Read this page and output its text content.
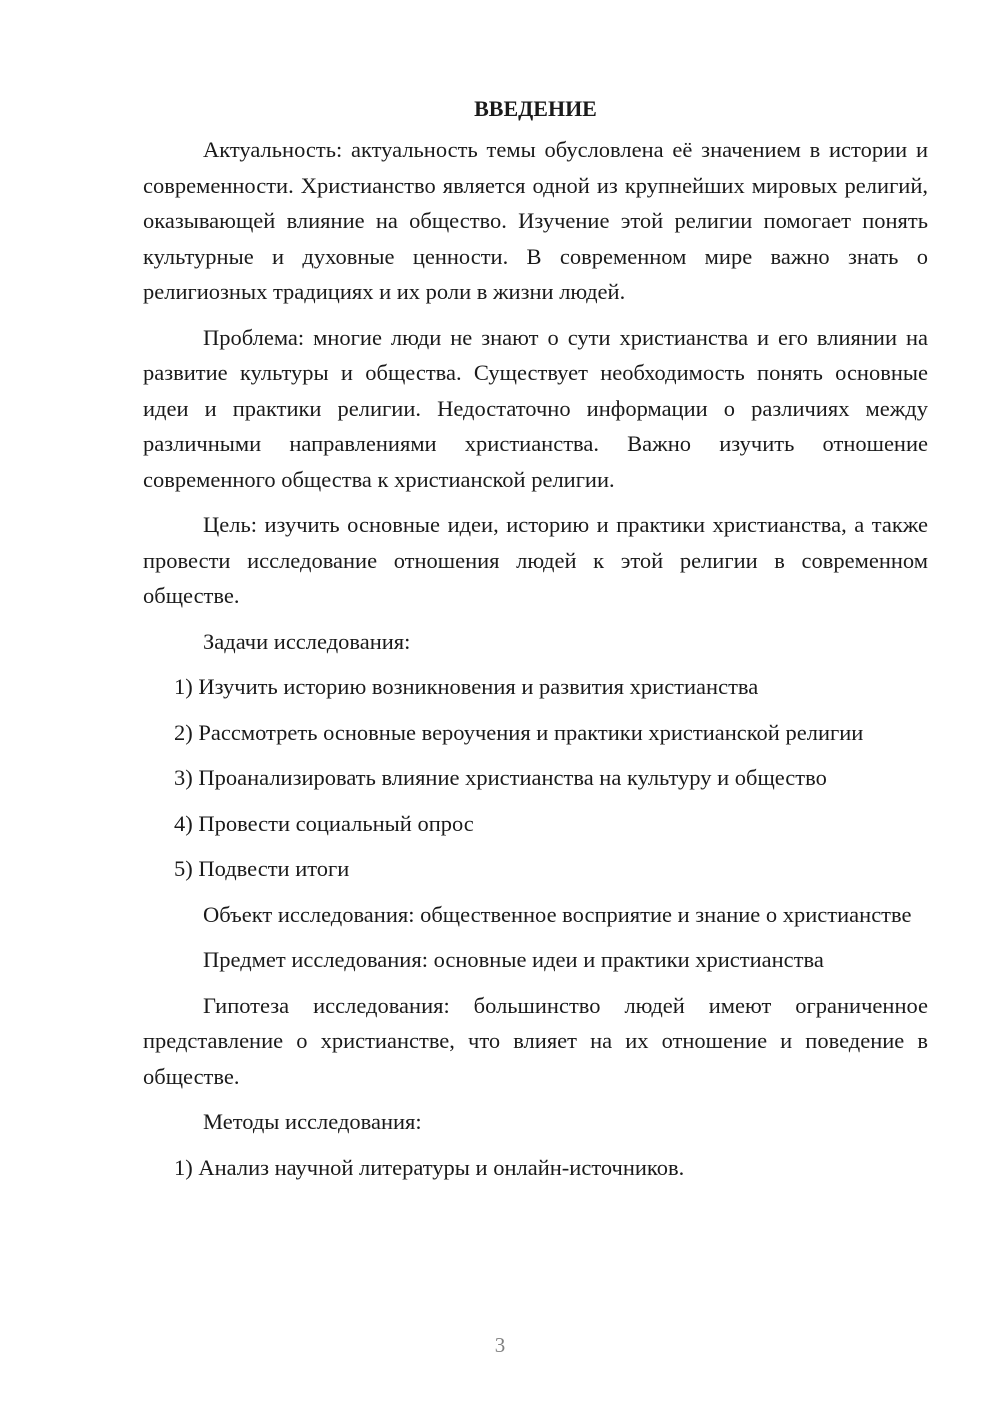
ВВЕДЕНИЕ

Актуальность: актуальность темы обусловлена её значением в истории и современности. Христианство является одной из крупнейших мировых религий, оказывающей влияние на общество. Изучение этой религии помогает понять культурные и духовные ценности. В современном мире важно знать о религиозных традициях и их роли в жизни людей.

Проблема: многие люди не знают о сути христианства и его влиянии на развитие культуры и общества. Существует необходимость понять основные идеи и практики религии. Недостаточно информации о различиях между различными направлениями христианства. Важно изучить отношение современного общества к христианской религии.

Цель: изучить основные идеи, историю и практики христианства, а также провести исследование отношения людей к этой религии в современном обществе.

Задачи исследования:

1) Изучить историю возникновения и развития христианства

2) Рассмотреть основные вероучения и практики христианской религии

3) Проанализировать влияние христианства на культуру и общество

4) Провести социальный опрос

5) Подвести итоги

Объект исследования: общественное восприятие и знание о христианстве

Предмет исследования: основные идеи и практики христианства

Гипотеза исследования: большинство людей имеют ограниченное представление о христианстве, что влияет на их отношение и поведение в обществе.

Методы исследования:

1) Анализ научной литературы и онлайн-источников.

3
